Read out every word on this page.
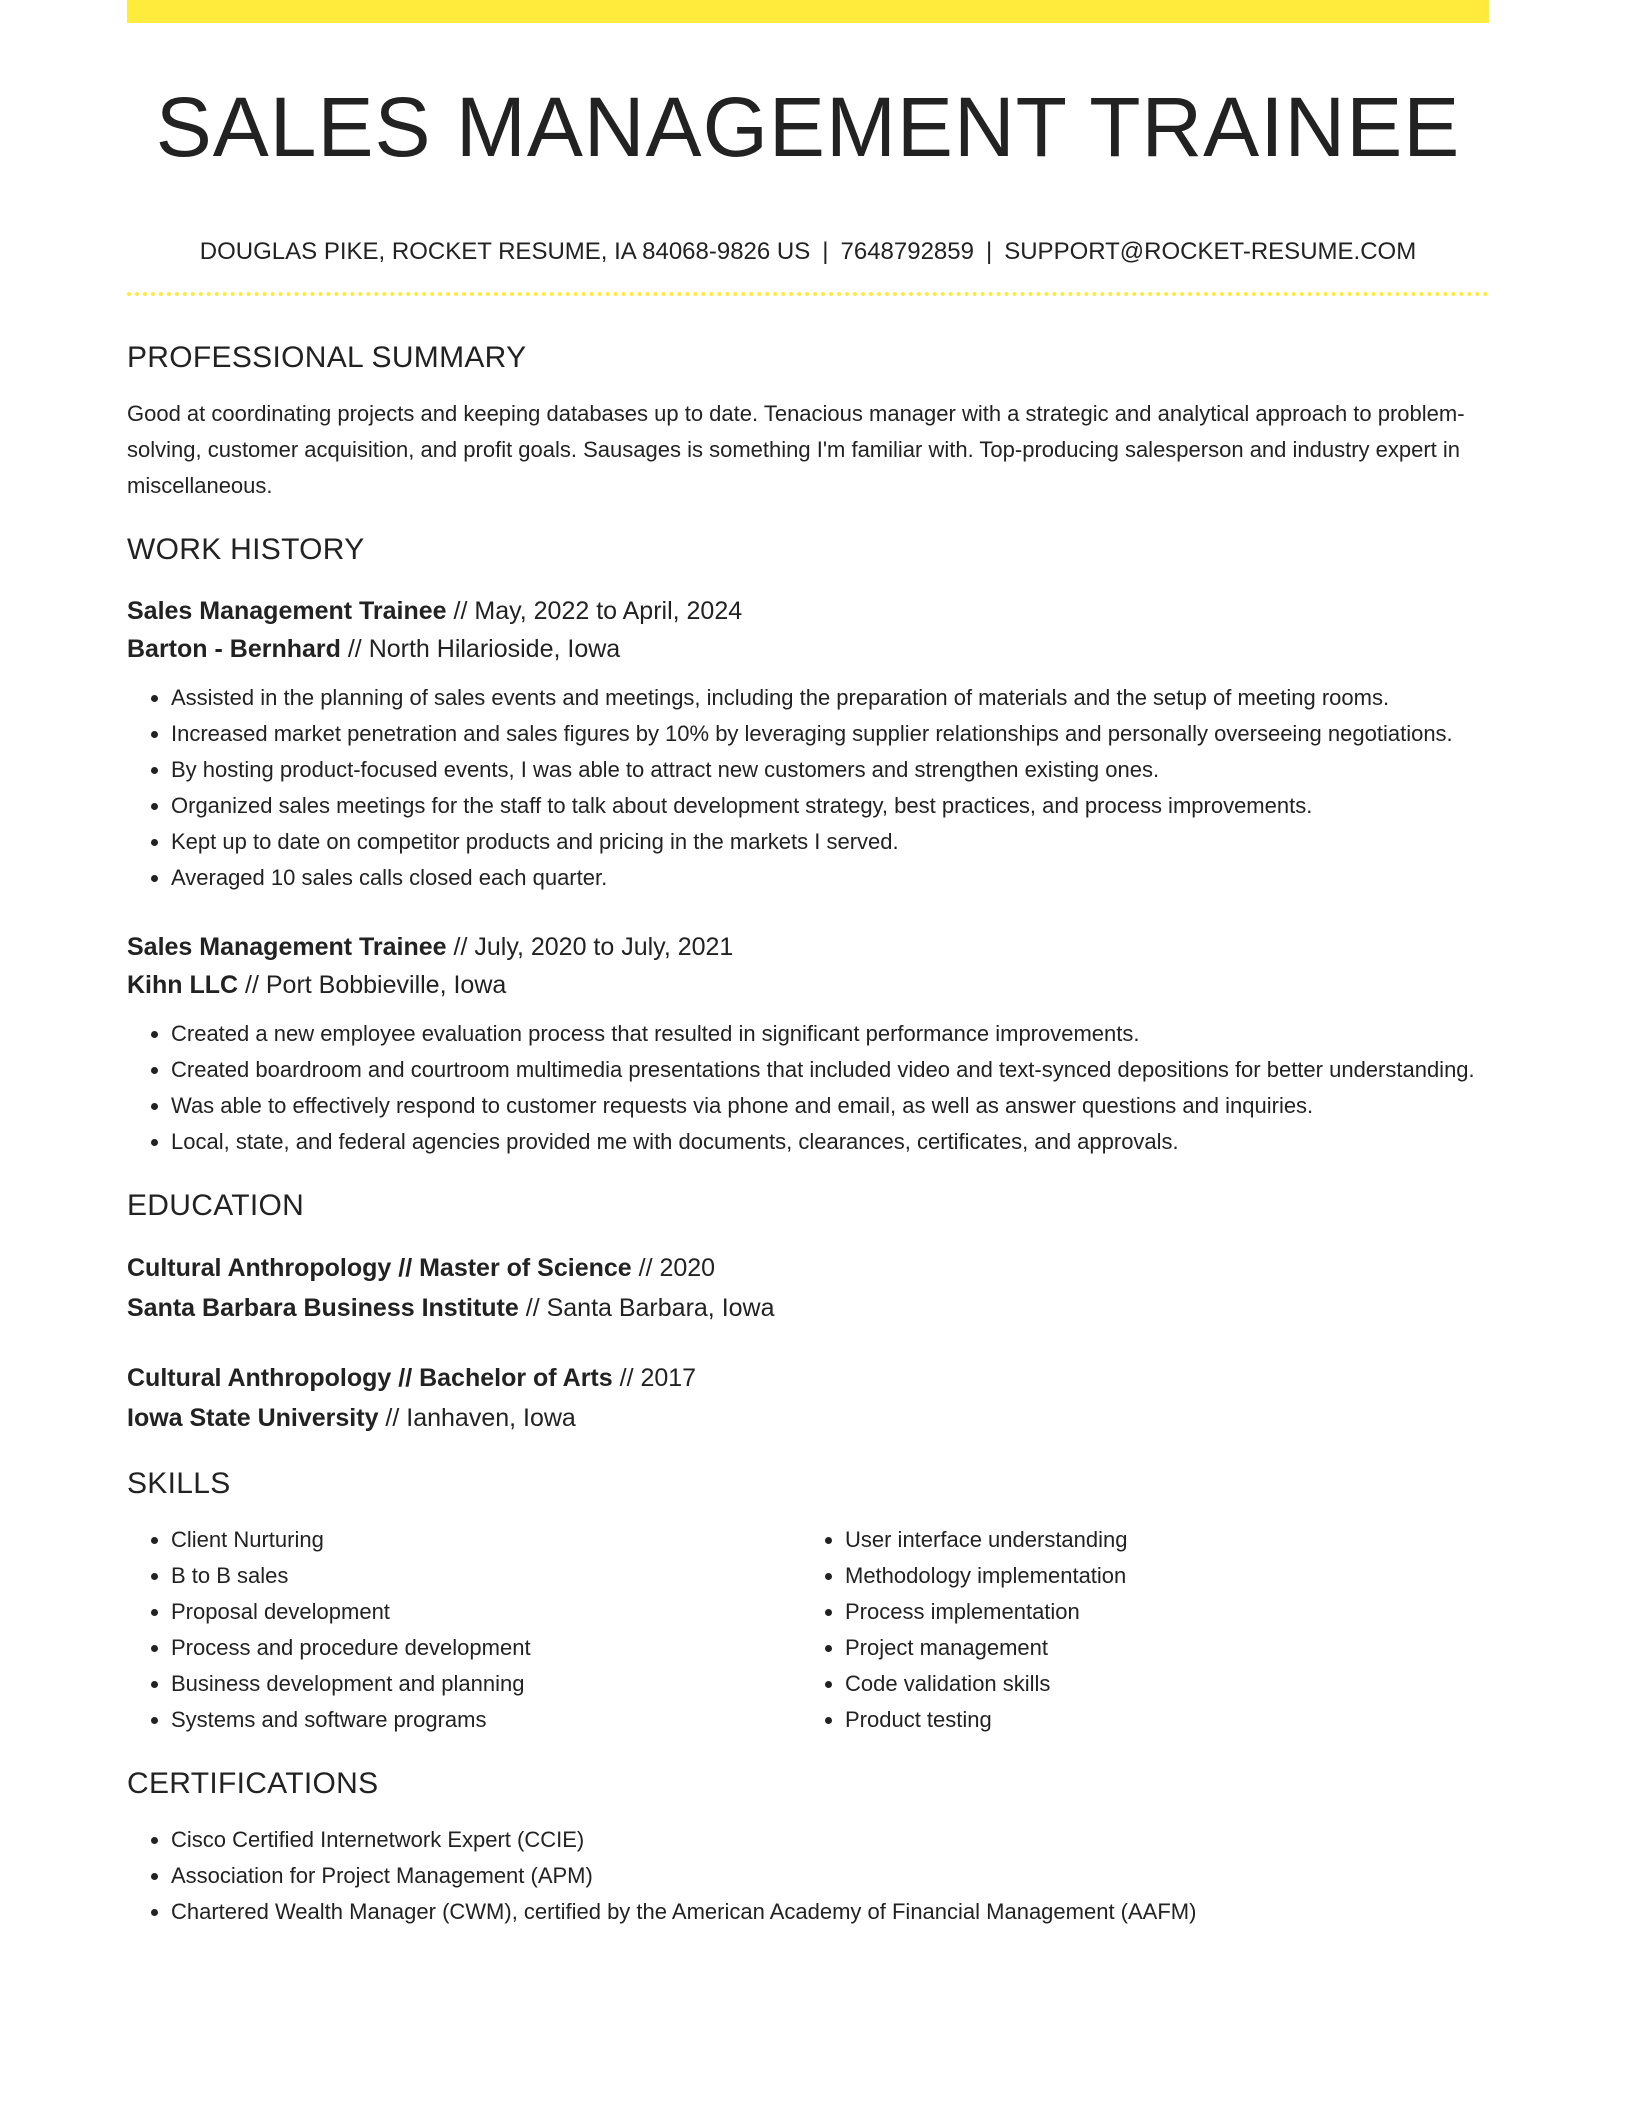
SALES MANAGEMENT TRAINEE
DOUGLAS PIKE, ROCKET RESUME, IA 84068-9826 US | 7648792859 | SUPPORT@ROCKET-RESUME.COM
PROFESSIONAL SUMMARY
Good at coordinating projects and keeping databases up to date. Tenacious manager with a strategic and analytical approach to problem-solving, customer acquisition, and profit goals. Sausages is something I'm familiar with. Top-producing salesperson and industry expert in miscellaneous.
WORK HISTORY
Sales Management Trainee // May, 2022 to April, 2024
Barton - Bernhard // North Hilarioside, Iowa
• Assisted in the planning of sales events and meetings, including the preparation of materials and the setup of meeting rooms.
• Increased market penetration and sales figures by 10% by leveraging supplier relationships and personally overseeing negotiations.
• By hosting product-focused events, I was able to attract new customers and strengthen existing ones.
• Organized sales meetings for the staff to talk about development strategy, best practices, and process improvements.
• Kept up to date on competitor products and pricing in the markets I served.
• Averaged 10 sales calls closed each quarter.
Sales Management Trainee // July, 2020 to July, 2021
Kihn LLC // Port Bobbieville, Iowa
• Created a new employee evaluation process that resulted in significant performance improvements.
• Created boardroom and courtroom multimedia presentations that included video and text-synced depositions for better understanding.
• Was able to effectively respond to customer requests via phone and email, as well as answer questions and inquiries.
• Local, state, and federal agencies provided me with documents, clearances, certificates, and approvals.
EDUCATION
Cultural Anthropology // Master of Science // 2020
Santa Barbara Business Institute // Santa Barbara, Iowa
Cultural Anthropology // Bachelor of Arts // 2017
Iowa State University // Ianhaven, Iowa
SKILLS
• Client Nurturing
• B to B sales
• Proposal development
• Process and procedure development
• Business development and planning
• Systems and software programs
• User interface understanding
• Methodology implementation
• Process implementation
• Project management
• Code validation skills
• Product testing
CERTIFICATIONS
• Cisco Certified Internetwork Expert (CCIE)
• Association for Project Management (APM)
• Chartered Wealth Manager (CWM), certified by the American Academy of Financial Management (AAFM)
